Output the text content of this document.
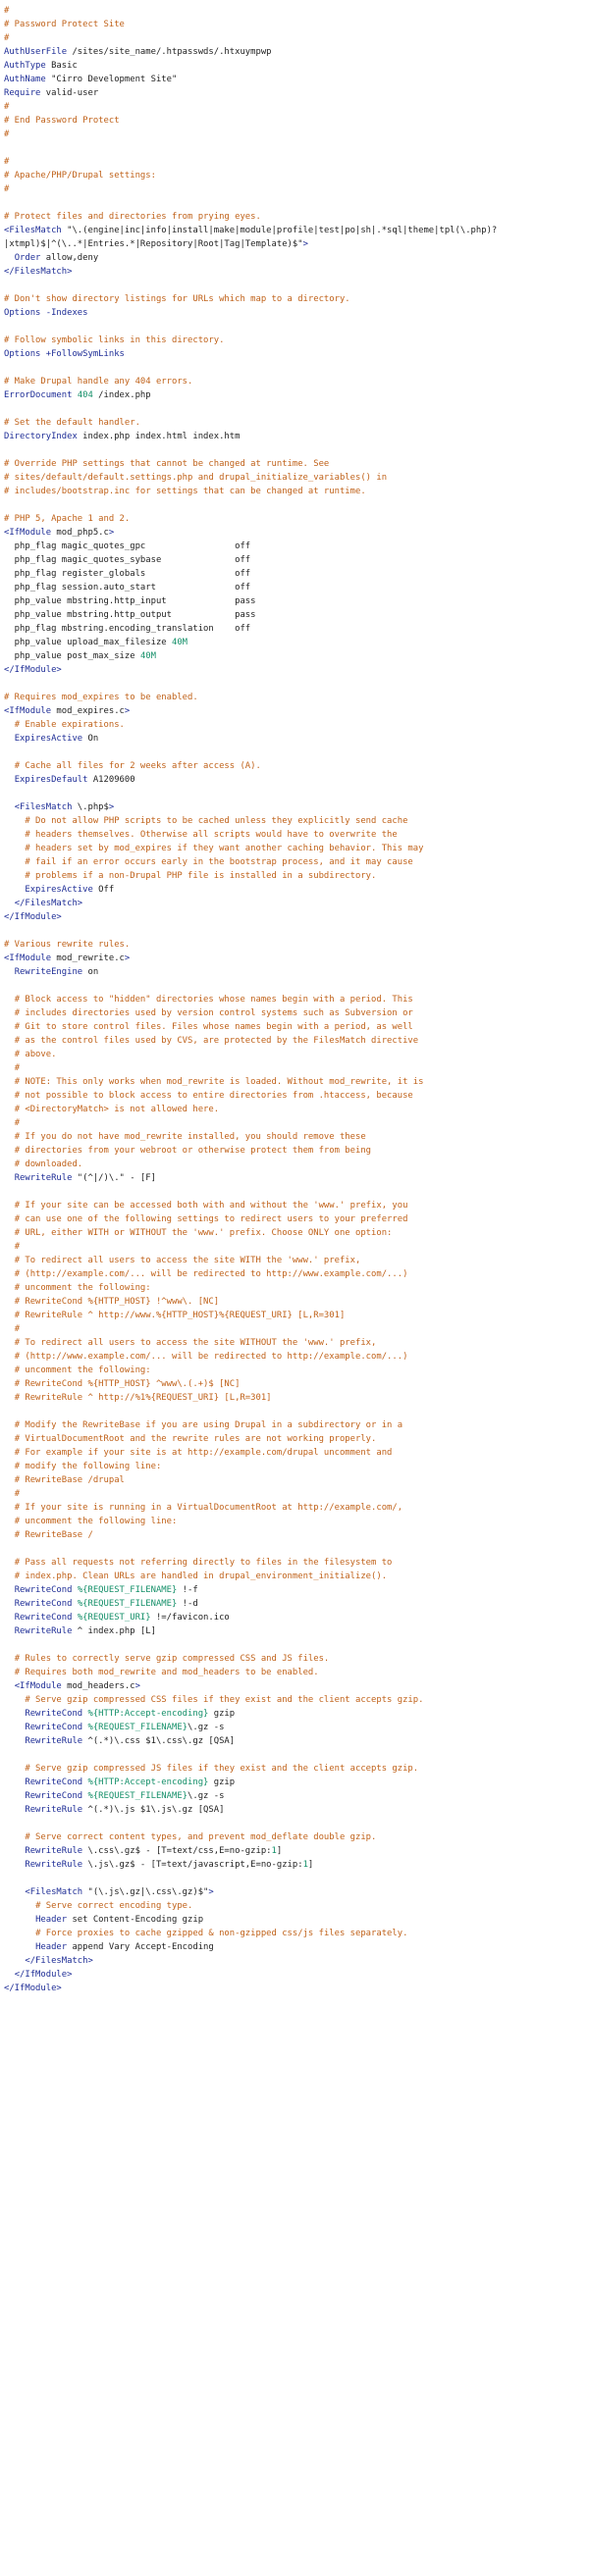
#
# Password Protect Site
#
AuthUserFile /sites/site_name/.htpasswds/.htxuympwp
AuthType Basic
AuthName "Cirro Development Site"
Require valid-user
#
# End Password Protect
#
#
# Apache/PHP/Drupal settings:
#
# Protect files and directories from prying eyes.
<FilesMatch "\.(engine|inc|info|install|make|module|profile|test|po|sh|.*sql|theme|tpl(\.php)?
|xtmpl)$|^(\..*|Entries.*|Repository|Root|Tag|Template)$">
Order allow,deny
</FilesMatch>
# Don't show directory listings for URLs which map to a directory.
Options -Indexes
# Follow symbolic links in this directory.
Options +FollowSymLinks
# Make Drupal handle any 404 errors.
ErrorDocument 404 /index.php
# Set the default handler.
DirectoryIndex index.php index.html index.htm
# Override PHP settings that cannot be changed at runtime. See
# sites/default/default.settings.php and drupal_initialize_variables() in
# includes/bootstrap.inc for settings that can be changed at runtime.
# PHP 5, Apache 1 and 2.
<IfModule mod_php5.c>
php_flag magic_quotes_gpc                 off
php_flag magic_quotes_sybase              off
php_flag register_globals                 off
php_flag session.auto_start               off
php_value mbstring.http_input             pass
php_value mbstring.http_output            pass
php_flag mbstring.encoding_translation    off
php_value upload_max_filesize 40M
php_value post_max_size 40M
</IfModule>
# Requires mod_expires to be enabled.
<IfModule mod_expires.c>
# Enable expirations.
ExpiresActive On
# Cache all files for 2 weeks after access (A).
ExpiresDefault A1209600
<FilesMatch \.php$>
# Do not allow PHP scripts to be cached unless they explicitly send cache
# headers themselves. Otherwise all scripts would have to overwrite the
# headers set by mod_expires if they want another caching behavior. This may
# fail if an error occurs early in the bootstrap process, and it may cause
# problems if a non-Drupal PHP file is installed in a subdirectory.
ExpiresActive Off
</FilesMatch>
</IfModule>
# Various rewrite rules.
<IfModule mod_rewrite.c>
RewriteEngine on
# Block access to "hidden" directories whose names begin with a period. This
# includes directories used by version control systems such as Subversion or
# Git to store control files. Files whose names begin with a period, as well
# as the control files used by CVS, are protected by the FilesMatch directive
# above.
#
# NOTE: This only works when mod_rewrite is loaded. Without mod_rewrite, it is
# not possible to block access to entire directories from .htaccess, because
# <DirectoryMatch> is not allowed here.
#
# If you do not have mod_rewrite installed, you should remove these
# directories from your webroot or otherwise protect them from being
# downloaded.
RewriteRule "(^|/)\." - [F]
# If your site can be accessed both with and without the 'www.' prefix, you
# can use one of the following settings to redirect users to your preferred
# URL, either WITH or WITHOUT the 'www.' prefix. Choose ONLY one option:
#
# To redirect all users to access the site WITH the 'www.' prefix,
# (http://example.com/... will be redirected to http://www.example.com/...)
# uncomment the following:
# RewriteCond %{HTTP_HOST} !^www\. [NC]
# RewriteRule ^ http://www.%{HTTP_HOST}%{REQUEST_URI} [L,R=301]
#
# To redirect all users to access the site WITHOUT the 'www.' prefix,
# (http://www.example.com/... will be redirected to http://example.com/...)
# uncomment the following:
# RewriteCond %{HTTP_HOST} ^www\.(.+)$ [NC]
# RewriteRule ^ http://%1%{REQUEST_URI} [L,R=301]
# Modify the RewriteBase if you are using Drupal in a subdirectory or in a
# VirtualDocumentRoot and the rewrite rules are not working properly.
# For example if your site is at http://example.com/drupal uncomment and
# modify the following line:
# RewriteBase /drupal
#
# If your site is running in a VirtualDocumentRoot at http://example.com/,
# uncomment the following line:
# RewriteBase /
# Pass all requests not referring directly to files in the filesystem to
# index.php. Clean URLs are handled in drupal_environment_initialize().
RewriteCond %{REQUEST_FILENAME} !-f
RewriteCond %{REQUEST_FILENAME} !-d
RewriteCond %{REQUEST_URI} !=/favicon.ico
RewriteRule ^ index.php [L]
# Rules to correctly serve gzip compressed CSS and JS files.
# Requires both mod_rewrite and mod_headers to be enabled.
<IfModule mod_headers.c>
# Serve gzip compressed CSS files if they exist and the client accepts gzip.
RewriteCond %{HTTP:Accept-encoding} gzip
RewriteCond %{REQUEST_FILENAME}\.gz -s
RewriteRule ^(.*)\.css $1\.css\.gz [QSA]
# Serve gzip compressed JS files if they exist and the client accepts gzip.
RewriteCond %{HTTP:Accept-encoding} gzip
RewriteCond %{REQUEST_FILENAME}\.gz -s
RewriteRule ^(.*)\.js $1\.js\.gz [QSA]
# Serve correct content types, and prevent mod_deflate double gzip.
RewriteRule \.css\.gz$ - [T=text/css,E=no-gzip:1]
RewriteRule \.js\.gz$ - [T=text/javascript,E=no-gzip:1]
<FilesMatch "(\.js\.gz|\.css\.gz)$">
# Serve correct encoding type.
Header set Content-Encoding gzip
# Force proxies to cache gzipped & non-gzipped css/js files separately.
Header append Vary Accept-Encoding
</FilesMatch>
</IfModule>
</IfModule>
